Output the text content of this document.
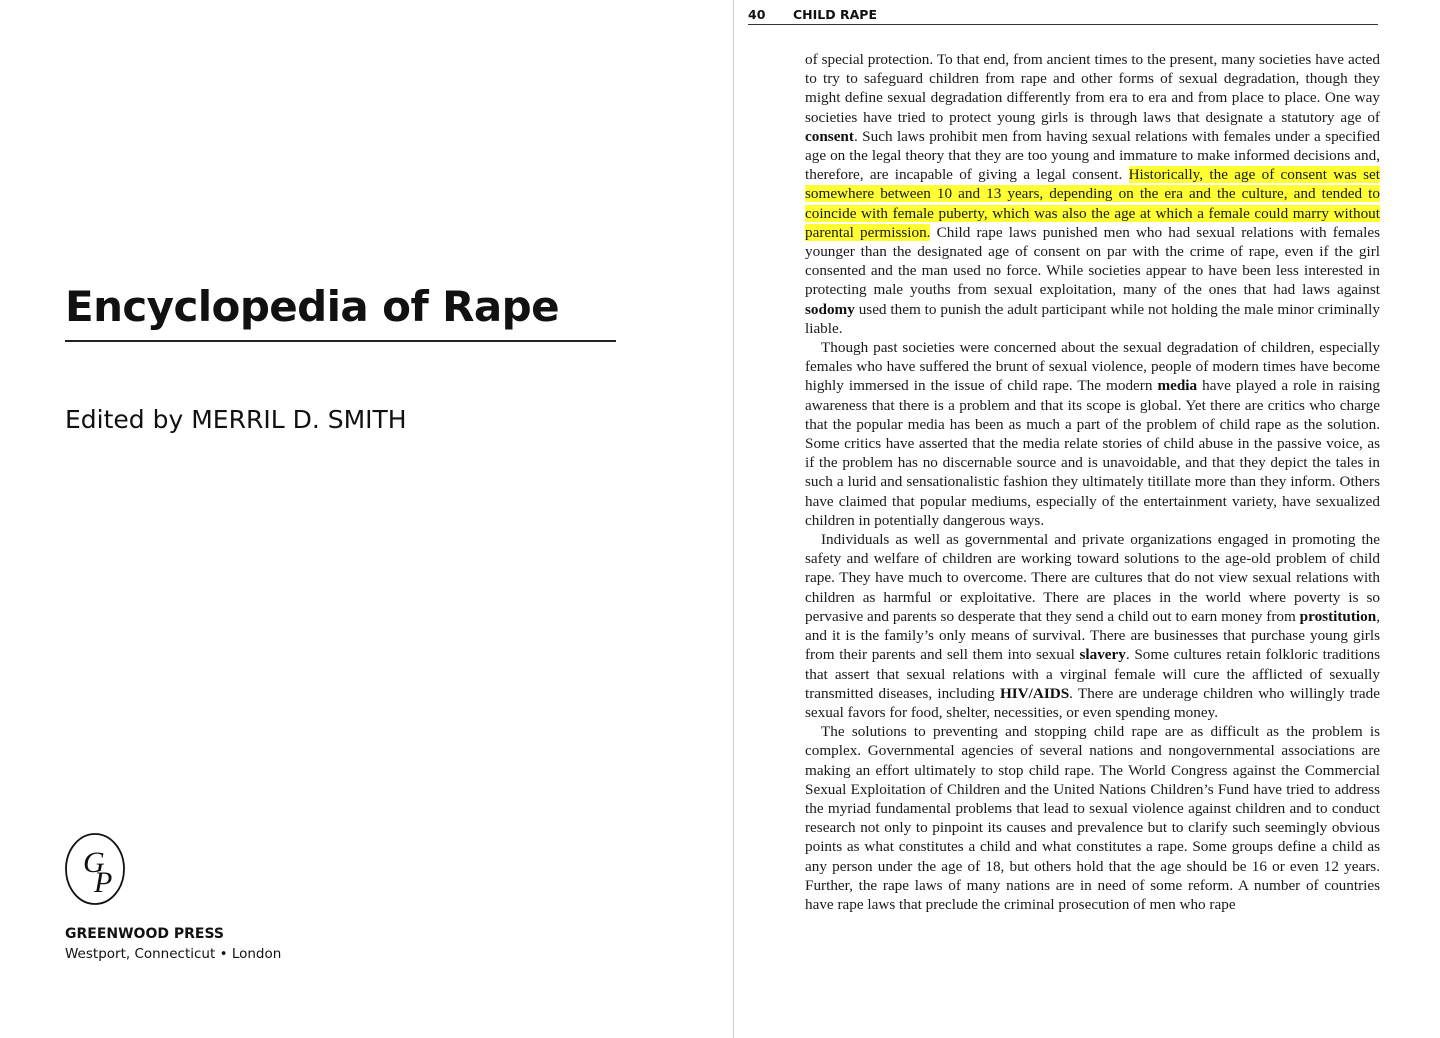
Encyclopedia of Rape
Edited by MERRIL D. SMITH
G
P
GREENWOOD PRESS
Westport, Connecticut • London
40 CHILD RAPE

of special protection. To that end, from ancient times to the present, many societies have acted to try to safeguard children from rape and other forms of sexual degradation, though they might define sexual degradation differently from era to era and from place to place. One way societies have tried to protect young girls is through laws that designate a statutory age of consent. Such laws prohibit men from having sexual relations with females under a specified age on the legal theory that they are too young and immature to make informed decisions and, therefore, are incapable of giving a legal consent. Historically, the age of consent was set somewhere between 10 and 13 years, depending on the era and the culture, and tended to coincide with female puberty, which was also the age at which a female could marry without parental permission. Child rape laws punished men who had sexual relations with females younger than the designated age of consent on par with the crime of rape, even if the girl consented and the man used no force. While societies appear to have been less interested in protecting male youths from sexual exploitation, many of the ones that had laws against sodomy used them to punish the adult participant while not holding the male minor criminally liable.

Though past societies were concerned about the sexual degradation of children, especially females who have suffered the brunt of sexual violence, people of modern times have become highly immersed in the issue of child rape. The modern media have played a role in raising awareness that there is a problem and that its scope is global. Yet there are critics who charge that the popular media has been as much a part of the problem of child rape as the solution. Some critics have asserted that the media relate stories of child abuse in the passive voice, as if the problem has no discernable source and is unavoidable, and that they depict the tales in such a lurid and sensationalistic fashion they ultimately titillate more than they inform. Others have claimed that popular mediums, especially of the entertainment variety, have sexualized children in potentially dangerous ways.

Individuals as well as governmental and private organizations engaged in promoting the safety and welfare of children are working toward solutions to the age-old problem of child rape. They have much to overcome. There are cultures that do not view sexual relations with children as harmful or exploitative. There are places in the world where poverty is so pervasive and parents so desperate that they send a child out to earn money from prostitution, and it is the family’s only means of survival. There are businesses that purchase young girls from their parents and sell them into sexual slavery. Some cultures retain folkloric traditions that assert that sexual relations with a virginal female will cure the afflicted of sexually transmitted diseases, including HIV/AIDS. There are underage children who willingly trade sexual favors for food, shelter, necessities, or even spending money.

The solutions to preventing and stopping child rape are as difficult as the problem is complex. Governmental agencies of several nations and nongovernmental associations are making an effort ultimately to stop child rape. The World Congress against the Commercial Sexual Exploitation of Children and the United Nations Children’s Fund have tried to address the myriad fundamental problems that lead to sexual violence against children and to conduct research not only to pinpoint its causes and prevalence but to clarify such seemingly obvious points as what constitutes a child and what constitutes a rape. Some groups define a child as any person under the age of 18, but others hold that the age should be 16 or even 12 years. Further, the rape laws of many nations are in need of some reform. A number of countries have rape laws that preclude the criminal prosecution of men who rape
